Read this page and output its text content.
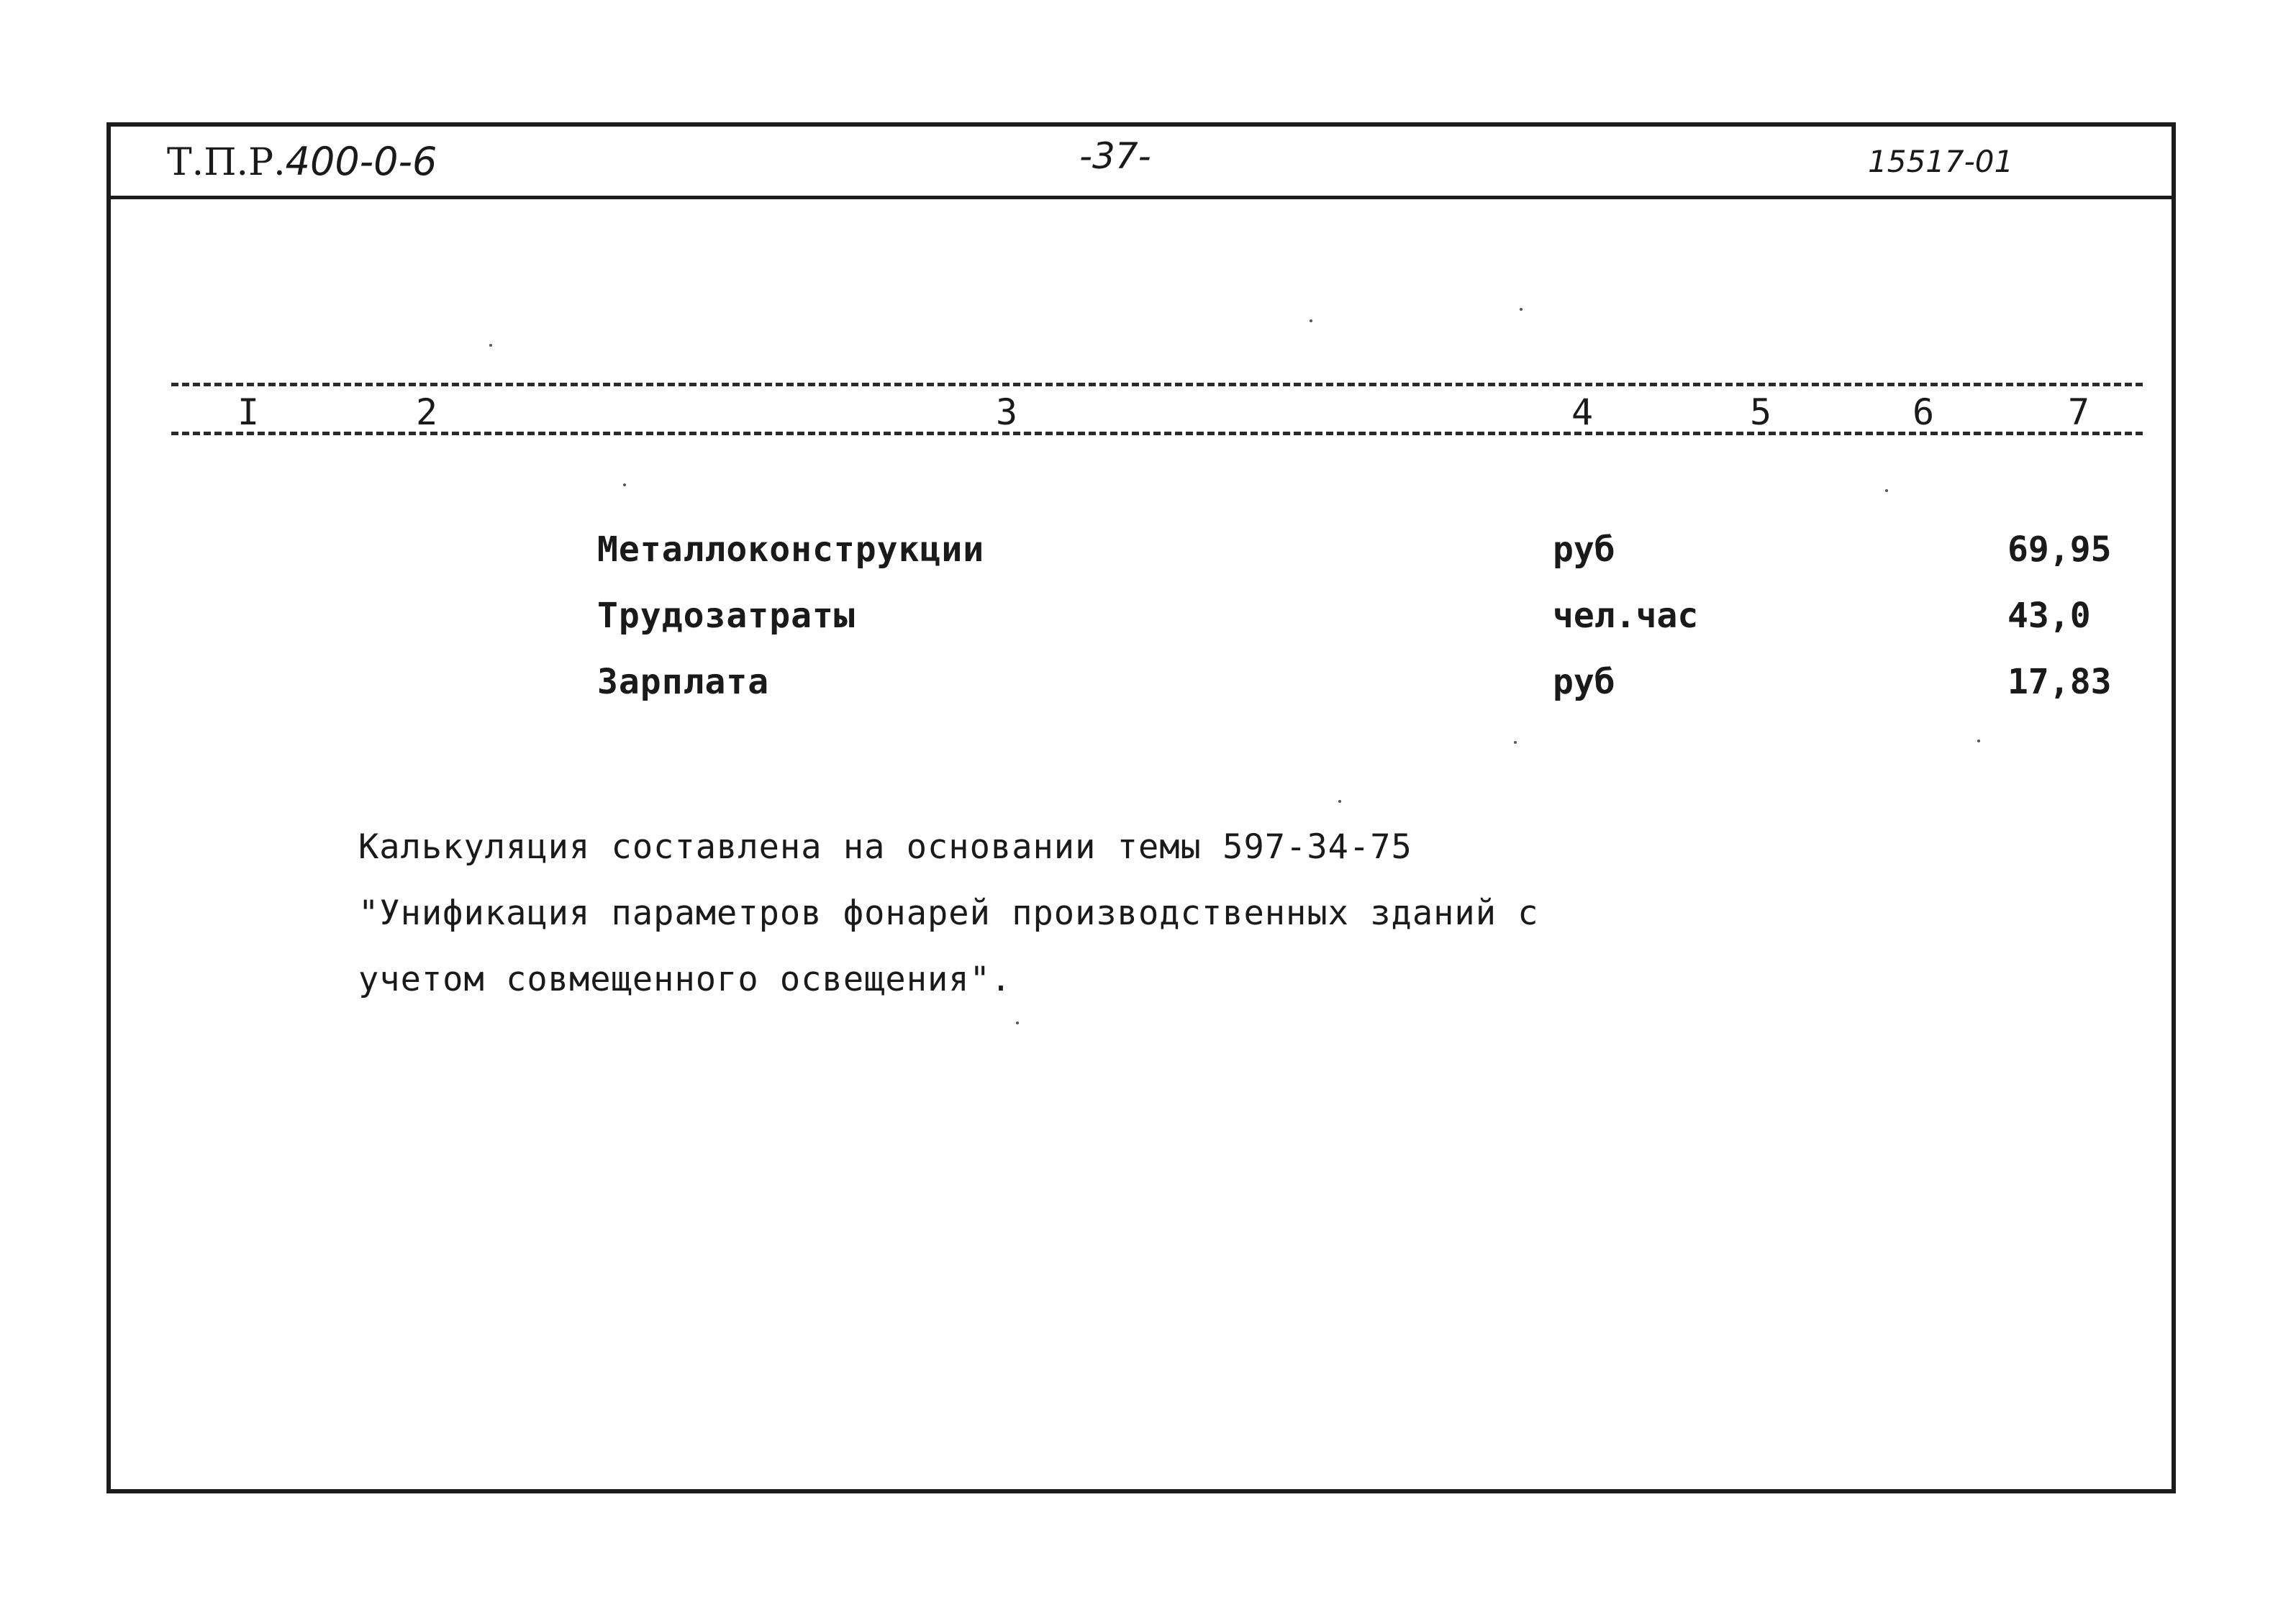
Т.П.Р.400-0-6	-37-	15517-01
I	2	3	4	5	6	7
Металлоконструкции	руб	69,95
Трудозатраты	чел.час	43,0
Зарплата	руб	17,83
Калькуляция составлена на основании темы 597-34-75
"Унификация параметров фонарей производственных зданий с
учетом совмещенного освещения".
